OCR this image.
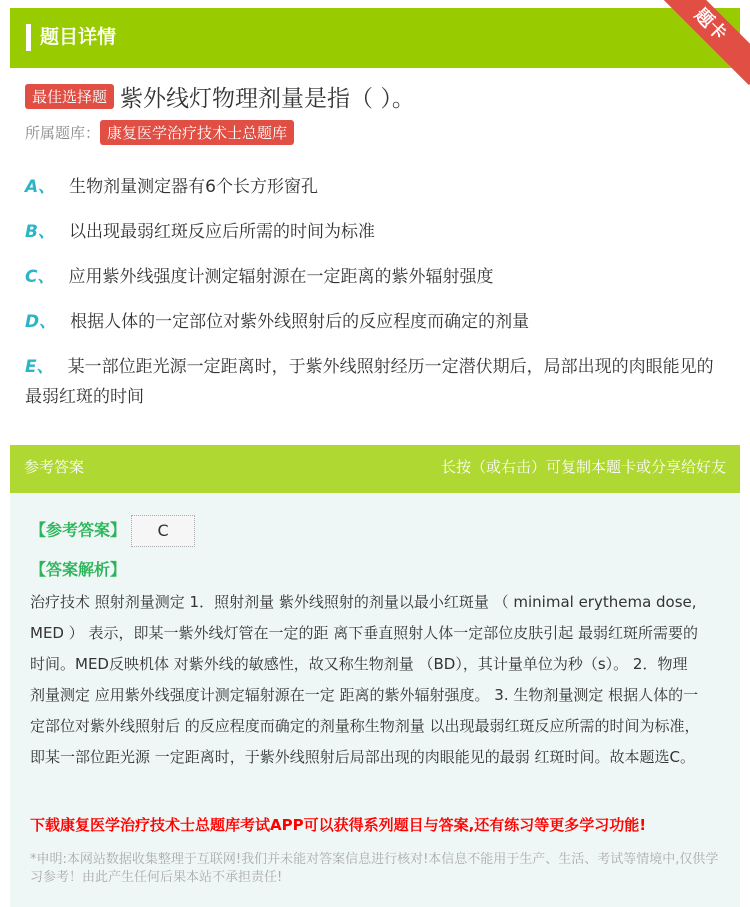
题目详情	题卡
最佳选择题 紫外线灯物理剂量是指（ ）。
所属题库： 康复医学治疗技术士总题库
A、 生物剂量测定器有6个长方形窗孔
B、 以出现最弱红斑反应后所需的时间为标准
C、 应用紫外线强度计测定辐射源在一定距离的紫外辐射强度
D、 根据人体的一定部位对紫外线照射后的反应程度而确定的剂量
E、 某一部位距光源一定距离时，于紫外线照射经历一定潜伏期后，局部出现的肉眼能见的最弱红斑的时间
参考答案	长按（或右击）可复制本题卡或分享给好友
【参考答案】 C
【答案解析】
治疗技术 照射剂量测定 1．照射剂量 紫外线照射的剂量以最小红斑量 （ minimal erythema dose, MED ） 表示，即某一紫外线灯管在一定的距 离下垂直照射人体一定部位皮肤引起 最弱红斑所需要的时间。MED反映机体 对紫外线的敏感性，故又称生物剂量 （BD），其计量单位为秒（s）。 2．物理剂量测定 应用紫外线强度计测定辐射源在一定 距离的紫外辐射强度。 3. 生物剂量测定 根据人体的一定部位对紫外线照射后 的反应程度而确定的剂量称生物剂量 以出现最弱红斑反应所需的时间为标准，即某一部位距光源 一定距离时，于紫外线照射后局部出现的肉眼能见的最弱 红斑时间。故本题选C。
下载康复医学治疗技术士总题库考试APP可以获得系列题目与答案,还有练习等更多学习功能!
*申明:本网站数据收集整理于互联网!我们并未能对答案信息进行核对!本信息不能用于生产、生活、考试等情境中,仅供学习参考！由此产生任何后果本站不承担责任!
